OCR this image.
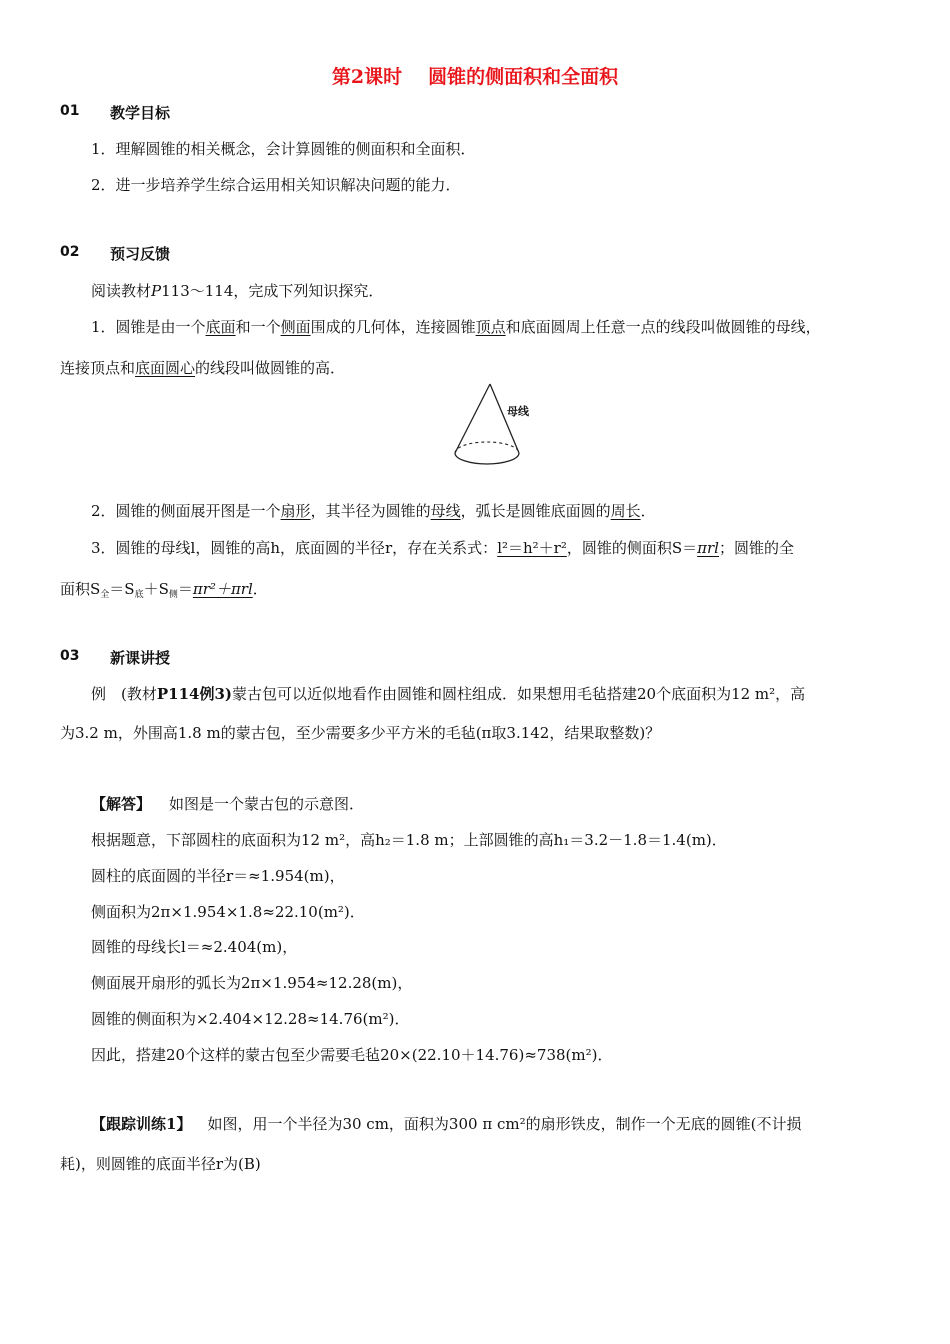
第2课时 圆锥的侧面积和全面积
01 教学目标
1．理解圆锥的相关概念，会计算圆锥的侧面积和全面积．
2．进一步培养学生综合运用相关知识解决问题的能力．
02 预习反馈
阅读教材P113～114，完成下列知识探究．
1．圆锥是由一个底面和一个侧面围成的几何体，连接圆锥顶点和底面圆周上任意一点的线段叫做圆锥的母线，
连接顶点和底面圆心的线段叫做圆锥的高．
母线
2．圆锥的侧面展开图是一个扇形，其半径为圆锥的母线，弧长是圆锥底面圆的周长．
3．圆锥的母线l，圆锥的高h，底面圆的半径r，存在关系式：l²＝h²＋r²，圆锥的侧面积S＝πrl；圆锥的全
面积$S_全=S_底+S_侧=\pi r^2+\pi rl$．
03 新课讲授
例　(教材P114例3)蒙古包可以近似地看作由圆锥和圆柱组成．如果想用毛毡搭建20个底面积为12 m²，高
为3.2 m，外围高1.8 m的蒙古包，至少需要多少平方米的毛毡(π取3.142，结果取整数)？
【解答】 如图是一个蒙古包的示意图．
根据题意，下部圆柱的底面积为12 m²，高h₂＝1.8 m；上部圆锥的高h₁＝3.2－1.8＝1.4(m)．
圆柱的底面圆的半径r＝≈1.954(m)，
侧面积为2π×1.954×1.8≈22.10(m²)．
圆锥的母线长l＝≈2.404(m)，
侧面展开扇形的弧长为2π×1.954≈12.28(m)，
圆锥的侧面积为×2.404×12.28≈14.76(m²)．
因此，搭建20个这样的蒙古包至少需要毛毡20×(22.10＋14.76)≈738(m²)．
【跟踪训练1】 如图，用一个半径为30 cm，面积为300 π cm²的扇形铁皮，制作一个无底的圆锥(不计损
耗)，则圆锥的底面半径r为(B)
